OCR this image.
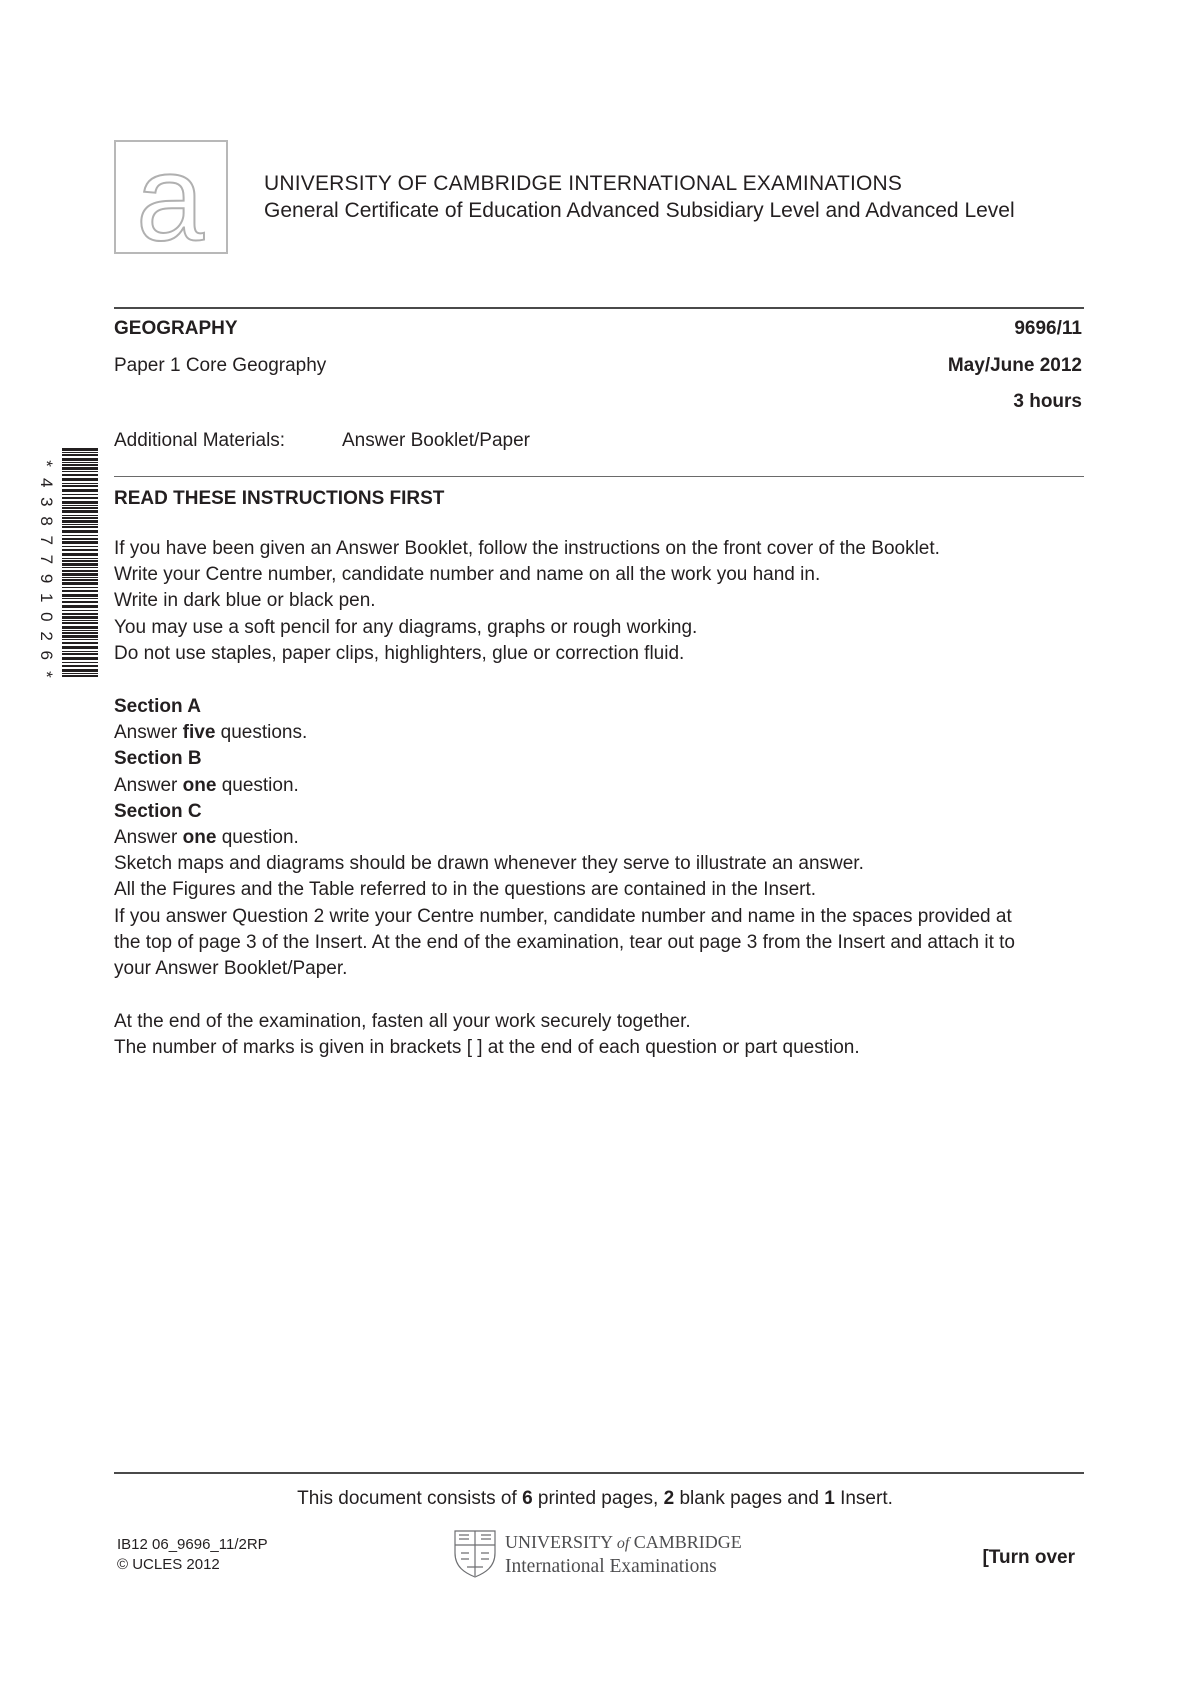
a	UNIVERSITY OF CAMBRIDGE INTERNATIONAL EXAMINATIONS
General Certificate of Education Advanced Subsidiary Level and Advanced Level
GEOGRAPHY	9696/11
Paper 1 Core Geography	May/June 2012
3 hours
Additional Materials:	Answer Booklet/Paper
*
4
3
8
7
7
9
1
0
2
6
*
READ THESE INSTRUCTIONS FIRST
If you have been given an Answer Booklet, follow the instructions on the front cover of the Booklet.
Write your Centre number, candidate number and name on all the work you hand in.
Write in dark blue or black pen.
You may use a soft pencil for any diagrams, graphs or rough working.
Do not use staples, paper clips, highlighters, glue or correction fluid.
Section A
Answer five questions.
Section B
Answer one question.
Section C
Answer one question.
Sketch maps and diagrams should be drawn whenever they serve to illustrate an answer.
All the Figures and the Table referred to in the questions are contained in the Insert.
If you answer Question 2 write your Centre number, candidate number and name in the spaces provided at
the top of page 3 of the Insert. At the end of the examination, tear out page 3 from the Insert and attach it to
your Answer Booklet/Paper.
At the end of the examination, fasten all your work securely together.
The number of marks is given in brackets [ ] at the end of each question or part question.
This document consists of 6 printed pages, 2 blank pages and 1 Insert.
IB12 06_9696_11/2RP
© UCLES 2012
UNIVERSITY of CAMBRIDGE
International Examinations	[Turn over
